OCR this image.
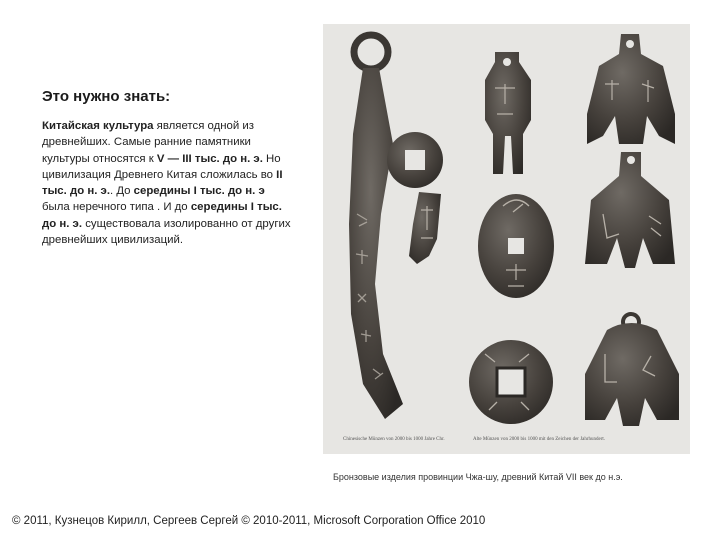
Это нужно знать:
Китайская культура является одной из древнейших. Самые ранние памятники культуры относятся к V — III тыс. до н. э. Но цивилизация Древнего Китая сложилась во II тыс. до н. э.. До середины I тыс. до н. э была неречного типа . И до середины I тыс. до н. э. существовала изолированно от других древнейших цивилизаций.
Chinesische Münzen von 2000 bis 1000 Jahre Chr.	Alte Münzen von 2000 bis 1000 mit den Zeichen der Jahrhundert.
Бронзовые изделия провинции Чжа-шу, древний Китай VII век до н.э.
© 2011, Кузнецов Кирилл, Сергеев Сергей © 2010-2011, Microsoft Corporation Office 2010
